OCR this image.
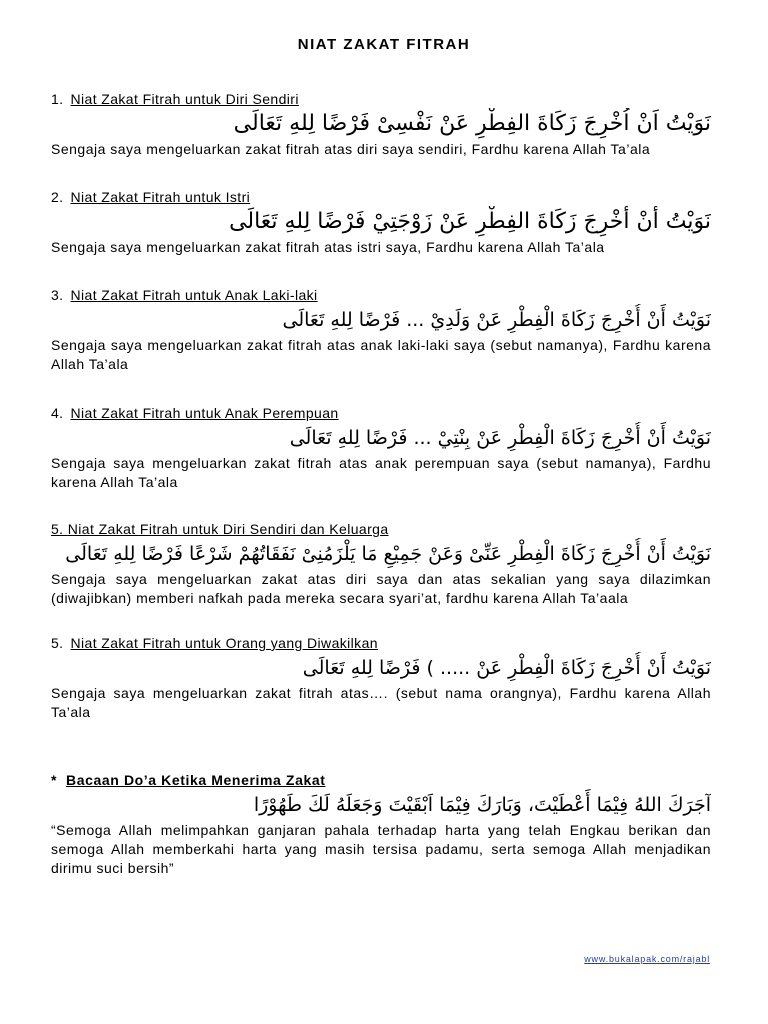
NIAT ZAKAT FITRAH
1. Niat Zakat Fitrah untuk Diri Sendiri
نَوَيْتُ اَنْ اُخْرِجَ زَكَاةَ الفِطْرِ عَنْ نَفْسِىْ فَرْضًا لِلهِ تَعَالَى
Sengaja saya mengeluarkan zakat fitrah atas diri saya sendiri, Fardhu karena Allah Ta’ala
2. Niat Zakat Fitrah untuk Istri
نَوَيْتُ أَنْ أُخْرِجَ زَكَاةَ الفِطْرِ عَنْ زَوْجَتِيْ فَرْضًا لِلهِ تَعَالَى
Sengaja saya mengeluarkan zakat fitrah atas istri saya, Fardhu karena Allah Ta’ala
3. Niat Zakat Fitrah untuk Anak Laki-laki
نَوَيْتُ أَنْ أُخْرِجَ زَكَاةَ الْفِطْرِ عَنْ وَلَدِيْ ... فَرْضًا لِلهِ تَعَالَى
Sengaja saya mengeluarkan zakat fitrah atas anak laki-laki saya (sebut namanya), Fardhu karena Allah Ta’ala
4. Niat Zakat Fitrah untuk Anak Perempuan
نَوَيْتُ أَنْ أُخْرِجَ زَكَاةَ الْفِطْرِ عَنْ بِنْتِيْ ... فَرْضًا لِلهِ تَعَالَى
Sengaja saya mengeluarkan zakat fitrah atas anak perempuan saya (sebut namanya), Fardhu karena Allah Ta’ala
5. Niat Zakat Fitrah untuk Diri Sendiri dan Keluarga
نَوَيْتُ أَنْ أُخْرِجَ زَكَاةَ الْفِطْرِ عَنِّىْ وَعَنْ جَمِيْعِ مَا يَلْزَمُنِىْ نَفَقَاتُهُمْ شَرْعًا فَرْضًا لِلهِ تَعَالَى
Sengaja saya mengeluarkan zakat atas diri saya dan atas sekalian yang saya dilazimkan (diwajibkan) memberi nafkah pada mereka secara syari’at, fardhu karena Allah Ta’aala
5. Niat Zakat Fitrah untuk Orang yang Diwakilkan
نَوَيْتُ أَنْ أُخْرِجَ زَكَاةَ الْفِطْرِ عَنْ ..... ) فَرْضًا لِلهِ تَعَالَى
Sengaja saya mengeluarkan zakat fitrah atas…. (sebut nama orangnya), Fardhu karena Allah Ta’ala
* Bacaan Do’a Ketika Menerima Zakat
آجَرَكَ اللهُ فِيْمَا أَعْطَيْتَ، وَبَارَكَ فِيْمَا اَبْقَيْتَ وَجَعَلَهُ لَكَ طَهُوْرًا
“Semoga Allah melimpahkan ganjaran pahala terhadap harta yang telah Engkau berikan dan semoga Allah memberkahi harta yang masih tersisa padamu, serta semoga Allah menjadikan dirimu suci bersih”
www.bukalapak.com/rajabl
